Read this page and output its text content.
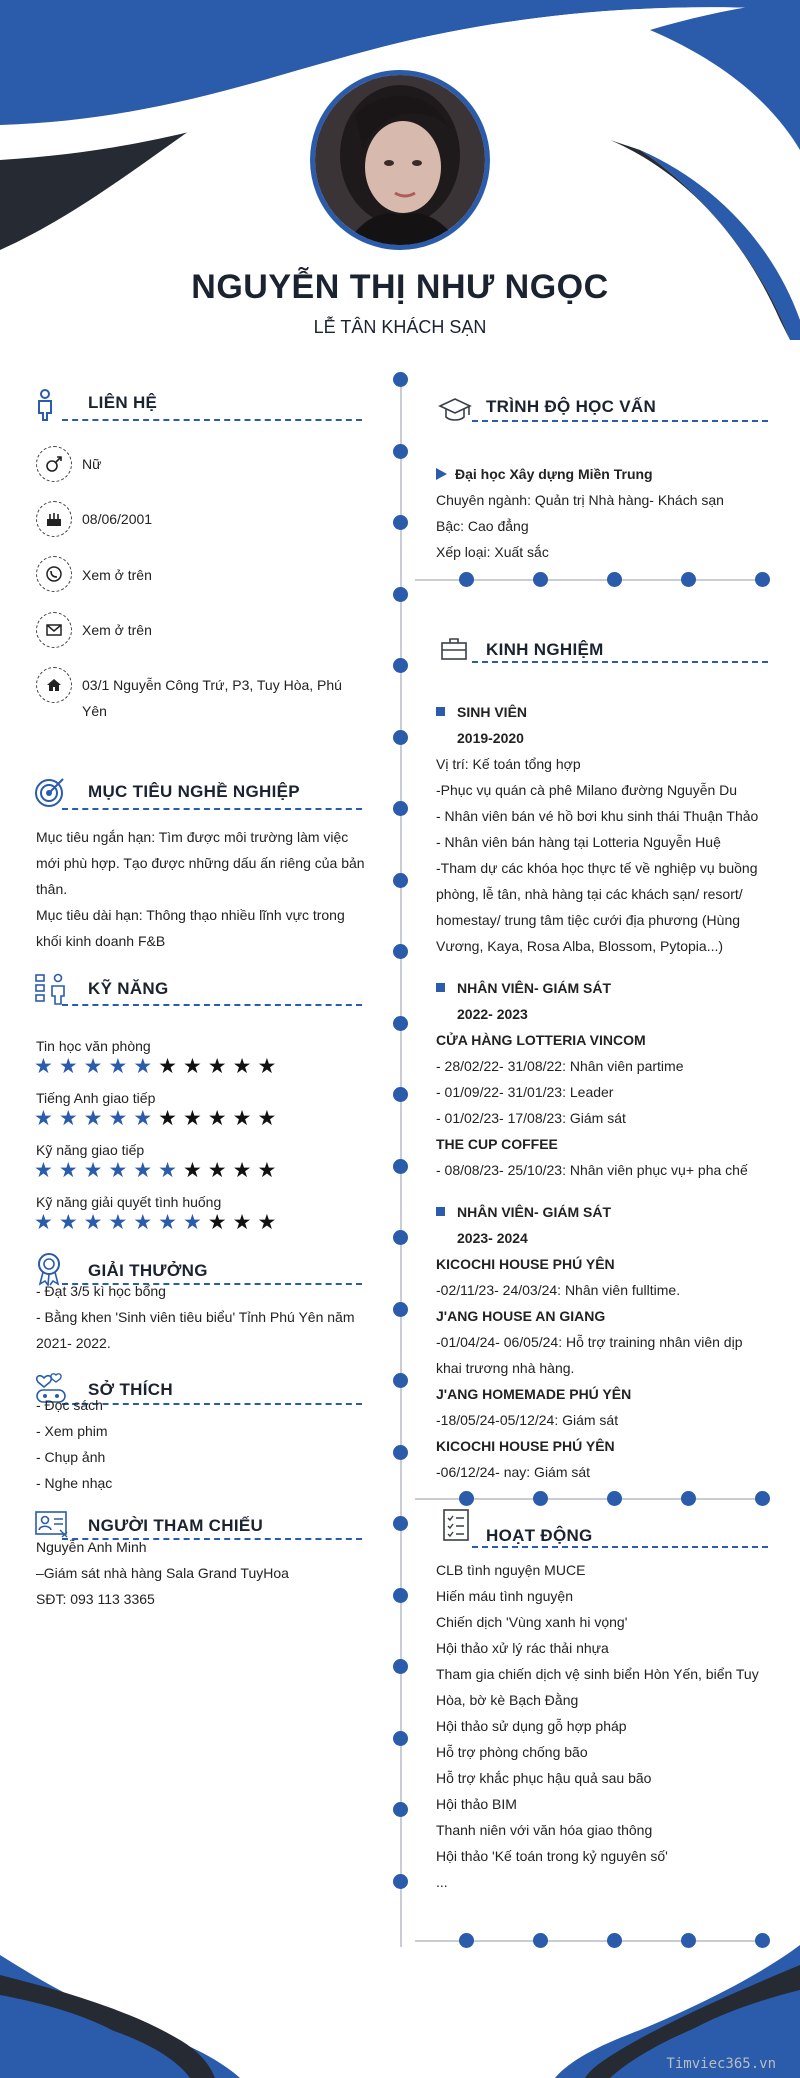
NGUYỄN THỊ NHƯ NGỌC
LỄ TÂN KHÁCH SẠN
LIÊN HỆ
Nữ
08/06/2001
Xem ở trên
Xem ở trên
03/1 Nguyễn Công Trứ, P3, Tuy Hòa, Phú
Yên
MỤC TIÊU NGHỀ NGHIỆP
Mục tiêu ngắn hạn: Tìm được môi trường làm việc
mới phù hợp. Tạo được những dấu ấn riêng của bản
thân.
Mục tiêu dài hạn: Thông thạo nhiều lĩnh vực trong
khối kinh doanh F&B
KỸ NĂNG
Tin học văn phòng
★★★★★★★★★★
Tiếng Anh giao tiếp
★★★★★★★★★★
Kỹ năng giao tiếp
★★★★★★★★★★
Kỹ năng giải quyết tình huống
★★★★★★★★★★
GIẢI THƯỞNG
- Đạt 3/5 kì học bổng
- Bằng khen 'Sinh viên tiêu biểu' Tỉnh Phú Yên năm
2021- 2022.
SỞ THÍCH
- Đọc sách
- Xem phim
- Chụp ảnh
- Nghe nhạc
NGƯỜI THAM CHIẾU
Nguyễn Anh Minh
–Giám sát nhà hàng Sala Grand TuyHoa
SĐT: 093 113 3365
TRÌNH ĐỘ HỌC VẤN
Đại học Xây dựng Miền Trung
Chuyên ngành: Quản trị Nhà hàng- Khách sạn
Bậc: Cao đẳng
Xếp loại: Xuất sắc
KINH NGHIỆM
SINH VIÊN
2019-2020
Vị trí: Kế toán tổng hợp
-Phục vụ quán cà phê Milano đường Nguyễn Du
- Nhân viên bán vé hồ bơi khu sinh thái Thuận Thảo
- Nhân viên bán hàng tại Lotteria Nguyễn Huệ
-Tham dự các khóa học thực tế về nghiệp vụ buồng
phòng, lễ tân, nhà hàng tại các khách sạn/ resort/
homestay/ trung tâm tiệc cưới địa phương (Hùng
Vương, Kaya, Rosa Alba, Blossom, Pytopia...)
NHÂN VIÊN- GIÁM SÁT
2022- 2023
CỬA HÀNG LOTTERIA VINCOM
- 28/02/22- 31/08/22: Nhân viên partime
- 01/09/22- 31/01/23: Leader
- 01/02/23- 17/08/23: Giám sát
THE CUP COFFEE
- 08/08/23- 25/10/23: Nhân viên phục vụ+ pha chế
NHÂN VIÊN- GIÁM SÁT
2023- 2024
KICOCHI HOUSE PHÚ YÊN
-02/11/23- 24/03/24: Nhân viên fulltime.
J'ANG HOUSE AN GIANG
-01/04/24- 06/05/24: Hỗ trợ training nhân viên dịp
khai trương nhà hàng.
J'ANG HOMEMADE PHÚ YÊN
-18/05/24-05/12/24: Giám sát
KICOCHI HOUSE PHÚ YÊN
-06/12/24- nay: Giám sát
HOẠT ĐỘNG
CLB tình nguyện MUCE
Hiến máu tình nguyện
Chiến dịch 'Vùng xanh hi vọng'
Hội thảo xử lý rác thải nhựa
Tham gia chiến dịch vệ sinh biển Hòn Yến, biển Tuy
Hòa, bờ kè Bạch Đằng
Hội thảo sử dụng gỗ hợp pháp
Hỗ trợ phòng chống bão
Hỗ trợ khắc phục hậu quả sau bão
Hội thảo BIM
Thanh niên với văn hóa giao thông
Hội thảo 'Kế toán trong kỷ nguyên số'
...
Timviec365.vn
